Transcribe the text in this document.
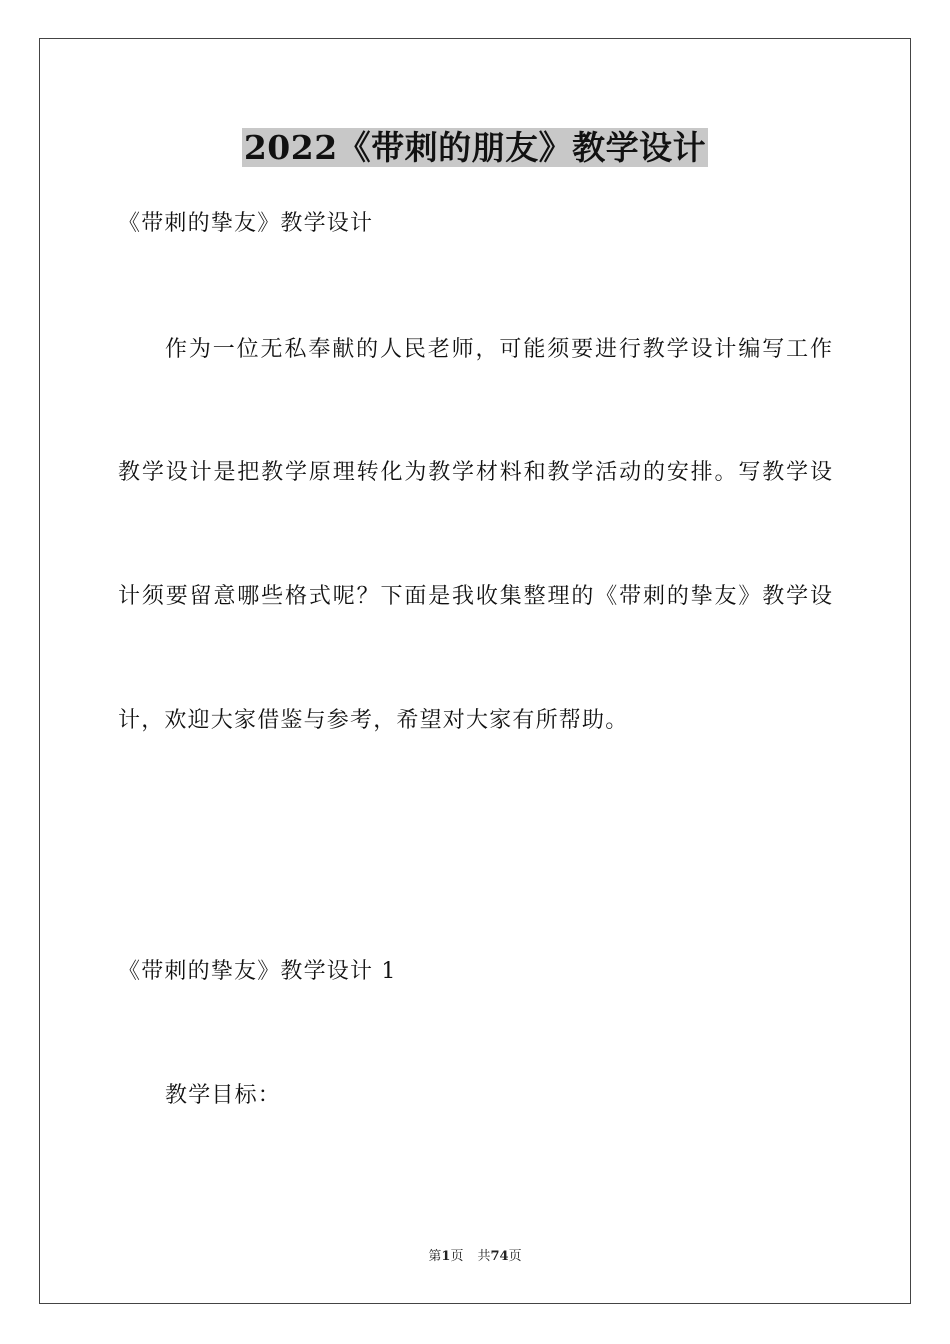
2022《带刺的朋友》教学设计
《带刺的挚友》教学设计
作为一位无私奉献的人民老师，可能须要进行教学设计编写工作
教学设计是把教学原理转化为教学材料和教学活动的安排。写教学设
计须要留意哪些格式呢？下面是我收集整理的《带刺的挚友》教学设
计，欢迎大家借鉴与参考，希望对大家有所帮助。
《带刺的挚友》教学设计 1
教学目标：
第1页 共74页
